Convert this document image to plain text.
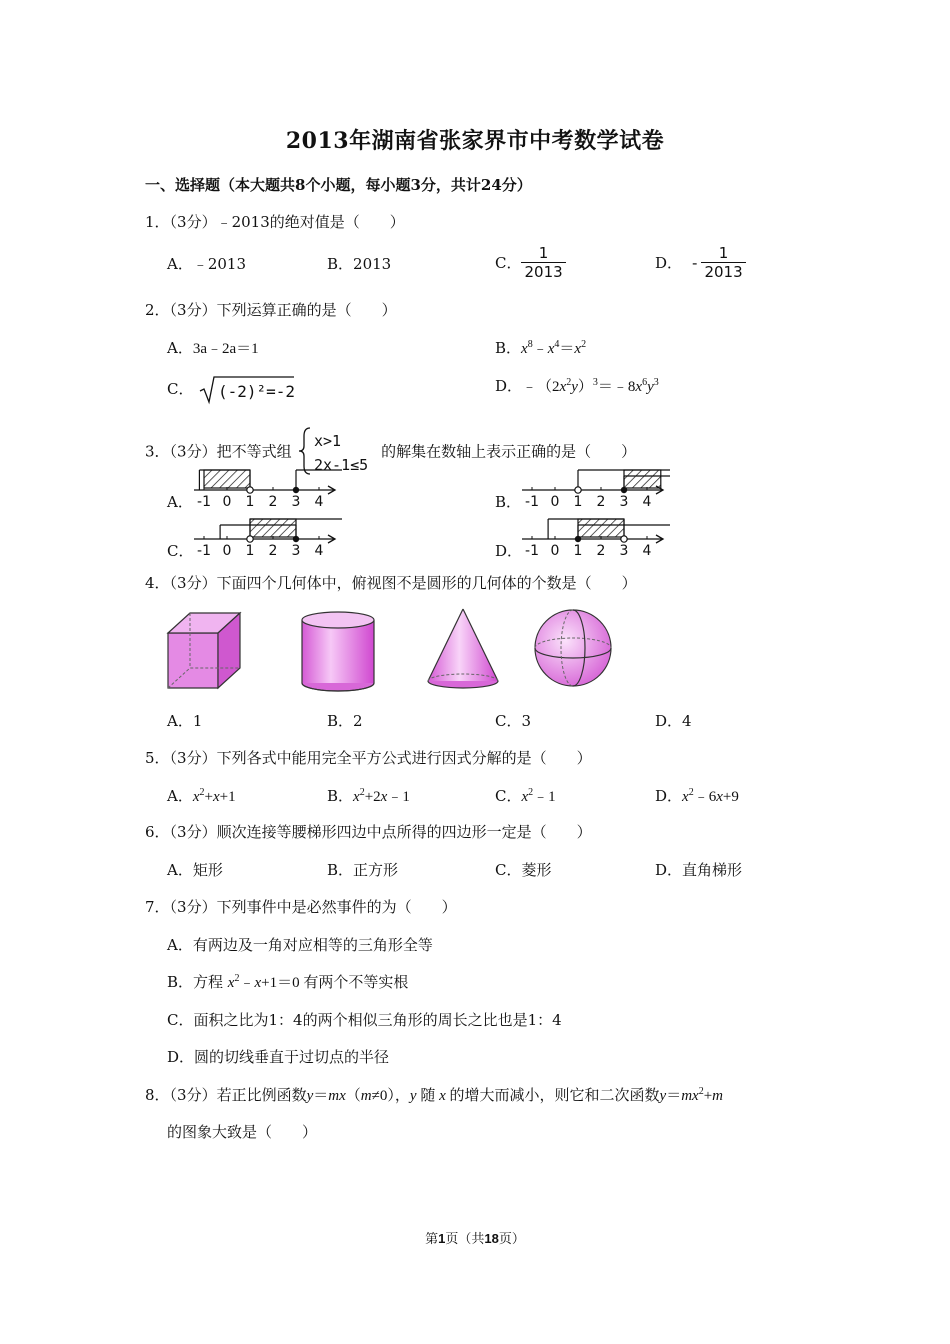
2013年湖南省张家界市中考数学试卷
一、选择题（本大题共8个小题，每小题3分，共计24分）
1．（3分）﹣2013的绝对值是（　　）
A．﹣2013	B．2013	C． $\frac{1}{2013}$	D． - $\frac{1}{2013}$
2．（3分）下列运算正确的是（　　）
A．3a﹣2a＝1	B．$x^8﹣x^4=x^2$
C． (-2)²=-2	D．$﹣(2x^2y)^3=﹣8x^6y^3$
3．（3分）把不等式组
x>1
2x-1≤5
的解集在数轴上表示正确的是（　　）
A． -1 0 1 2 3 4	B． -1 0 1 2 3 4
C． -1 0 1 2 3 4	D． -1 0 1 2 3 4
4．（3分）下面四个几何体中，俯视图不是圆形的几何体的个数是（　　）
A．1	B．2	C．3	D．4
5．（3分）下列各式中能用完全平方公式进行因式分解的是（　　）
A．$x^2+x+1$	B．$x^2+2x﹣1$	C．$x^2﹣1$	D．$x^2﹣6x+9$
6．（3分）顺次连接等腰梯形四边中点所得的四边形一定是（　　）
A．矩形	B．正方形	C．菱形	D．直角梯形
7．（3分）下列事件中是必然事件的为（　　）
A．有两边及一角对应相等的三角形全等
B．方程 $x^2﹣x+1=0$ 有两个不等实根
C．面积之比为1：4的两个相似三角形的周长之比也是1：4
D．圆的切线垂直于过切点的半径
8．（3分）若正比例函数y＝mx（m≠0），y 随 x 的增大而减小，则它和二次函数$y=mx^2+m$
的图象大致是（　　）
第1页（共18页）
